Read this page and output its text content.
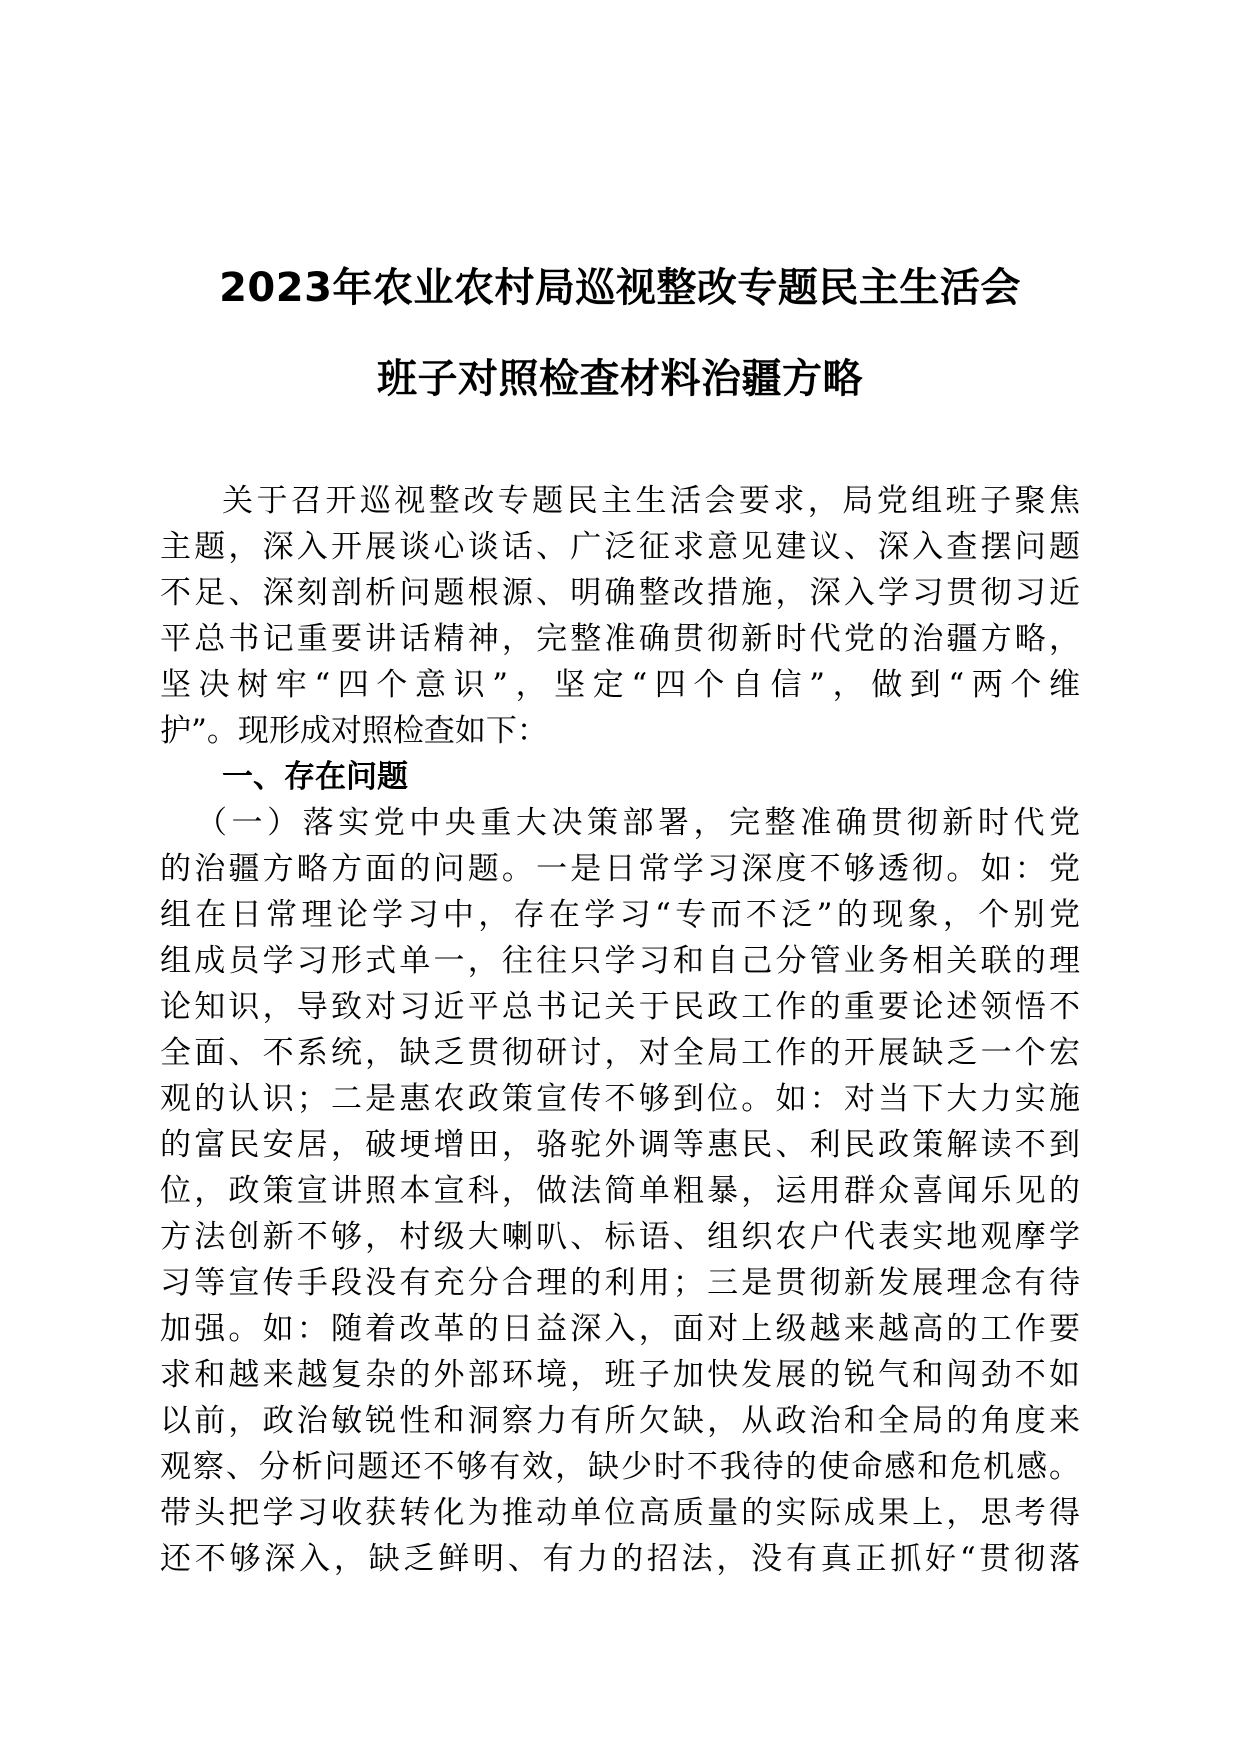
2023年农业农村局巡视整改专题民主生活会
班子对照检查材料治疆方略
关于召开巡视整改专题民主生活会要求，局党组班子聚焦
主题，深入开展谈心谈话、广泛征求意见建议、深入查摆问题
不足、深刻剖析问题根源、明确整改措施，深入学习贯彻习近
平总书记重要讲话精神，完整准确贯彻新时代党的治疆方略，
坚决树牢“四个意识”，坚定“四个自信”，做到“两个维
护”。现形成对照检查如下：
一、存在问题
（一）落实党中央重大决策部署，完整准确贯彻新时代党
的治疆方略方面的问题。一是日常学习深度不够透彻。如：党
组在日常理论学习中，存在学习“专而不泛”的现象，个别党
组成员学习形式单一，往往只学习和自己分管业务相关联的理
论知识，导致对习近平总书记关于民政工作的重要论述领悟不
全面、不系统，缺乏贯彻研讨，对全局工作的开展缺乏一个宏
观的认识；二是惠农政策宣传不够到位。如：对当下大力实施
的富民安居，破埂增田，骆驼外调等惠民、利民政策解读不到
位，政策宣讲照本宣科，做法简单粗暴，运用群众喜闻乐见的
方法创新不够，村级大喇叭、标语、组织农户代表实地观摩学
习等宣传手段没有充分合理的利用；三是贯彻新发展理念有待
加强。如：随着改革的日益深入，面对上级越来越高的工作要
求和越来越复杂的外部环境，班子加快发展的锐气和闯劲不如
以前，政治敏锐性和洞察力有所欠缺，从政治和全局的角度来
观察、分析问题还不够有效，缺少时不我待的使命感和危机感。
带头把学习收获转化为推动单位高质量的实际成果上，思考得
还不够深入，缺乏鲜明、有力的招法，没有真正抓好“贯彻落
